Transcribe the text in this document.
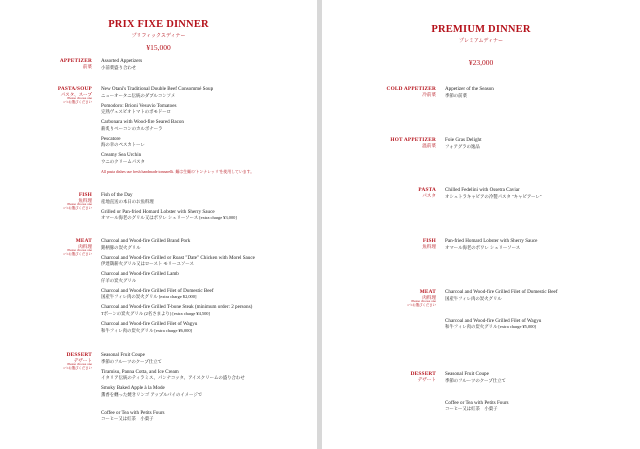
PRIX FIXE DINNER
プリフィックスディナー
¥15,000
APPETIZER
前菜
Assorted Appetizers
小前菜盛り合わせ
PASTA/SOUP
パスタ、スープ
Please choose one
1つお選びください
New Otani's Traditional Double Beef Consommé Soup
ニューオータニ伝統のダブルコンソメ
Pomodoro: Brioni Vesuvio Tomatoes
完熟ヴェスビオトマトのポモドーロ
Carbonara with Wood-fire Seared Bacon
薪炙りベーコンのカルボナーラ
Pescatore
海の幸のペスカトーレ
Creamy Sea Urchin
ウニのクリームパスタ
All pasta dishes use fresh handmade tonnarelli. 麺は生麺の'トンナレッリ'を使用しています。
FISH
魚料理
Please choose one
1つお選びください
Fish of the Day
産地直送の本日のお魚料理
Grilled or Pan-fried Homard Lobster with Sherry Sauce
オマール海老のグリル又はポワレ シェリーソース [extra charge ¥3,000]
MEAT
肉料理
Please choose one
1つお選びください
Charcoal and Wood-fire Grilled Brand Pork
銘柄豚の炭火グリル
Charcoal and Wood-fire Grilled or Roast "Date" Chicken with Morel Sauce
伊達鶏薪火グリル又はロースト モリーユソース
Charcoal and Wood-fire Grilled Lamb
仔羊の炭火グリル
Charcoal and Wood-fire Grilled Filet of Domestic Beef
国産牛フィレ肉の炭火グリル [extra charge ¥2,000]
Charcoal and Wood-fire Grilled T-bone Steak (minimum order: 2 persons)
Tボーンの炭火グリル (2名さまより) [extra charge ¥4,500]
Charcoal and Wood-fire Grilled Filet of Wagyu
和牛フィレ肉の炭火グリル [extra charge ¥6,000]
DESSERT
デザート
Please choose one
1つお選びください
Seasonal Fruit Coupe
季節のフルーツのクープ仕立て
Tiramisu, Panna Cotta, and Ice Cream
イタリア伝統のティラミス、パンナコッタ、アイスクリームの盛り合わせ
Smoky Baked Apple à la Mode
薫香を纏った焼きリンゴ アップルパイのイメージで
Coffee or Tea with Petits Fours
コーヒー又は紅茶　小菓子
PREMIUM DINNER
プレミアムディナー
¥23,000
COLD APPETIZER
冷前菜
Appetizer of the Season
季節の前菜
HOT APPETIZER
温前菜
Foie Gras Delight
フォアグラの逸品
PASTA
パスタ
Chilled Fedelini with Ossetra Caviar
オシェトラキャビアの冷製パスタ "キャビアーレ"
FISH
魚料理
Pan-fried Homard Lobster with Sherry Sauce
オマール海老のポワレ シェリーソース
MEAT
肉料理
Please choose one
1つお選びください
Charcoal and Wood-fire Grilled Filet of Domestic Beef
国産牛フィレ肉の炭火グリル
Charcoal and Wood-fire Grilled Filet of Wagyu
和牛フィレ肉の炭火グリル [extra charge ¥5,000]
DESSERT
デザート
Seasonal Fruit Coupe
季節のフルーツのクープ仕立て
Coffee or Tea with Petits Fours
コーヒー又は紅茶　小菓子
